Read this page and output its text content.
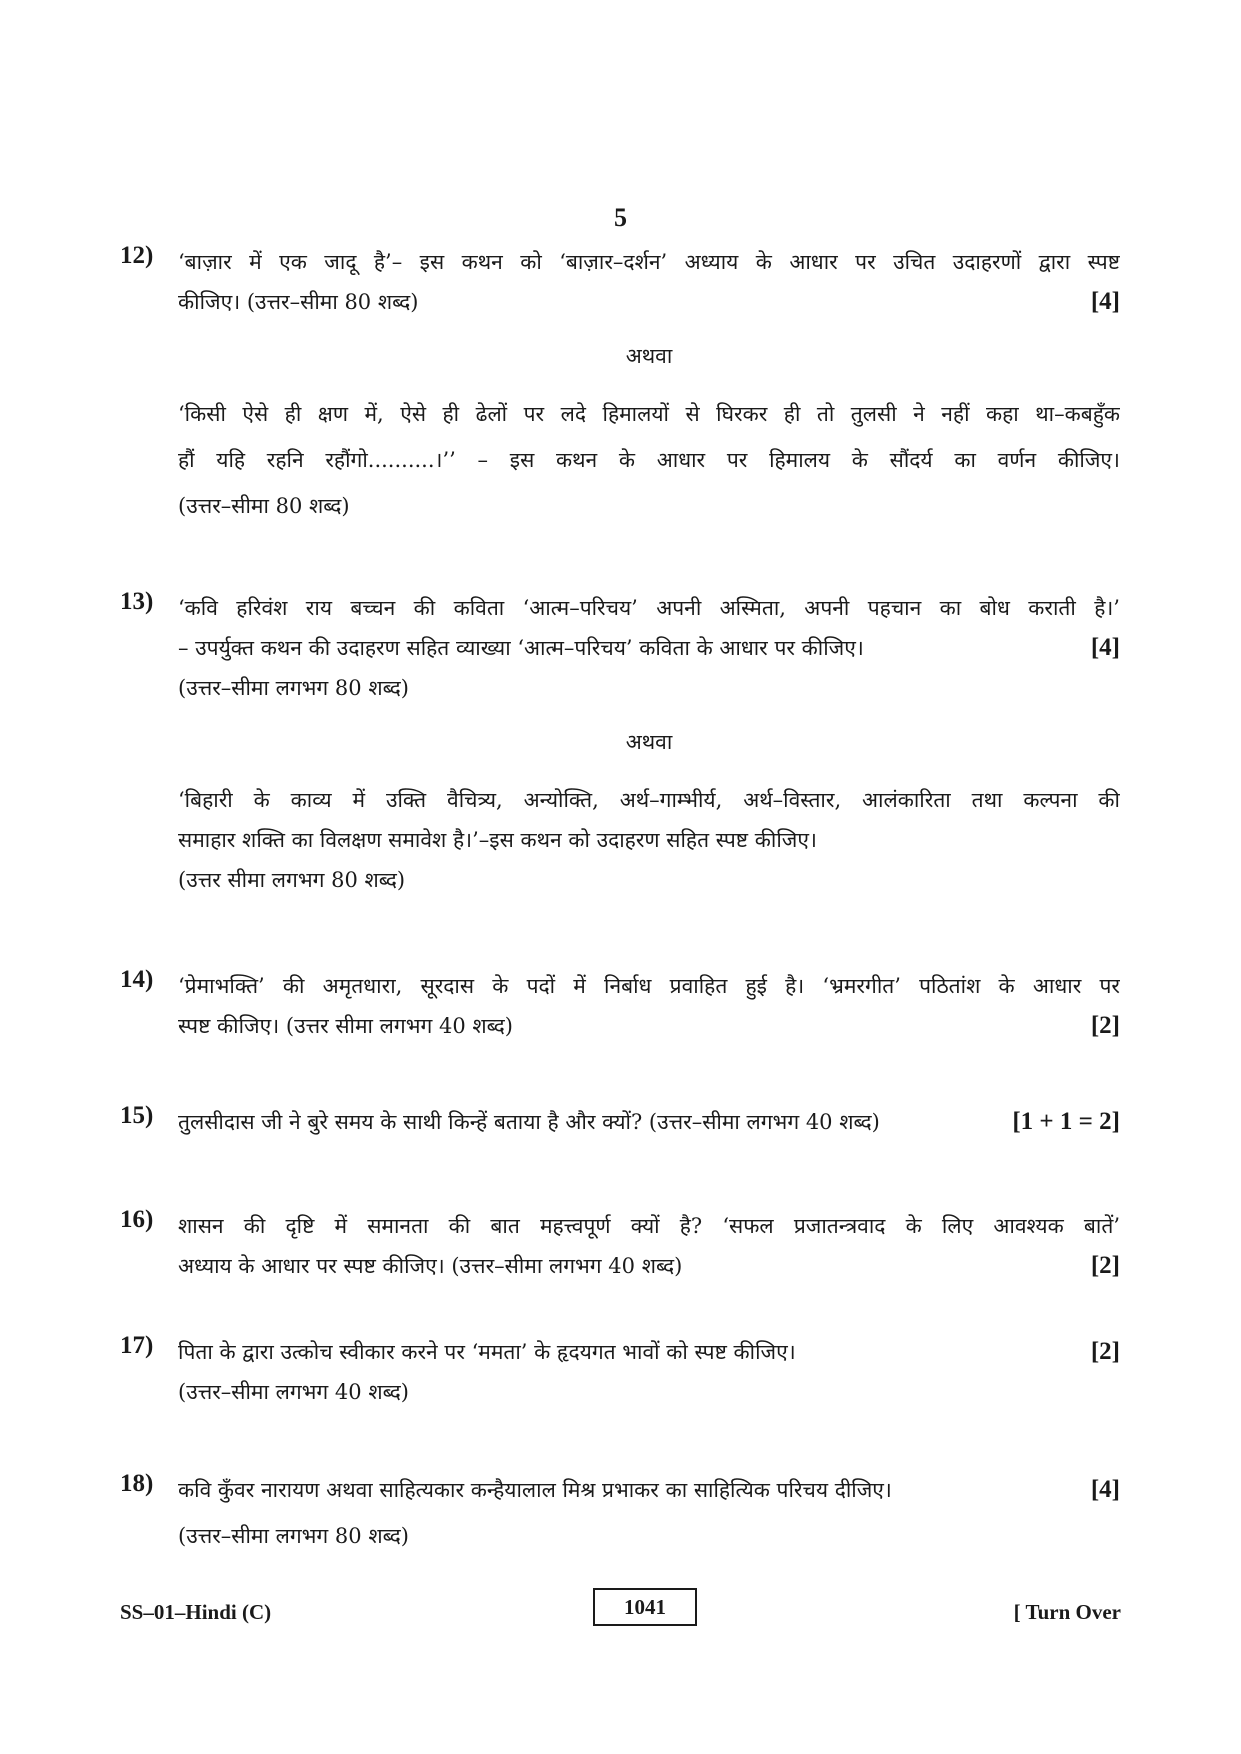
5
12)	‘बाज़ार में एक जादू है’– इस कथन को ‘बाज़ार–दर्शन’ अध्याय के आधार पर उचित उदाहरणों द्वारा स्पष्ट
कीजिए। (उत्तर–सीमा 80 शब्द)	[4]
अथवा
‘किसी ऐसे ही क्षण में, ऐसे ही ढेलों पर लदे हिमालयों से घिरकर ही तो तुलसी ने नहीं कहा था–कबहुँक
हौं यहि रहनि रहौंगो..........।’’ – इस कथन के आधार पर हिमालय के सौंदर्य का वर्णन कीजिए।
(उत्तर–सीमा 80 शब्द)
13)	‘कवि हरिवंश राय बच्चन की कविता ‘आत्म–परिचय’ अपनी अस्मिता, अपनी पहचान का बोध कराती है।’
– उपर्युक्त कथन की उदाहरण सहित व्याख्या ‘आत्म–परिचय’ कविता के आधार पर कीजिए।	[4]
(उत्तर–सीमा लगभग 80 शब्द)
अथवा
‘बिहारी के काव्य में उक्ति वैचित्र्य, अन्योक्ति, अर्थ–गाम्भीर्य, अर्थ–विस्तार, आलंकारिता तथा कल्पना की
समाहार शक्ति का विलक्षण समावेश है।’–इस कथन को उदाहरण सहित स्पष्ट कीजिए।
(उत्तर सीमा लगभग 80 शब्द)
14)	‘प्रेमाभक्ति’ की अमृतधारा, सूरदास के पदों में निर्बाध प्रवाहित हुई है। ‘भ्रमरगीत’ पठितांश के आधार पर
स्पष्ट कीजिए। (उत्तर सीमा लगभग 40 शब्द)	[2]
15)	तुलसीदास जी ने बुरे समय के साथी किन्हें बताया है और क्यों? (उत्तर–सीमा लगभग 40 शब्द)	[1 + 1 = 2]
16)	शासन की दृष्टि में समानता की बात महत्त्वपूर्ण क्यों है? ‘सफल प्रजातन्त्रवाद के लिए आवश्यक बातें’
अध्याय के आधार पर स्पष्ट कीजिए। (उत्तर–सीमा लगभग 40 शब्द)	[2]
17)	पिता के द्वारा उत्कोच स्वीकार करने पर ‘ममता’ के हृदयगत भावों को स्पष्ट कीजिए।	[2]
(उत्तर–सीमा लगभग 40 शब्द)
18)	कवि कुँवर नारायण अथवा साहित्यकार कन्हैयालाल मिश्र प्रभाकर का साहित्यिक परिचय दीजिए।	[4]
(उत्तर–सीमा लगभग 80 शब्द)
SS–01–Hindi (C)	1041	[ Turn Over
